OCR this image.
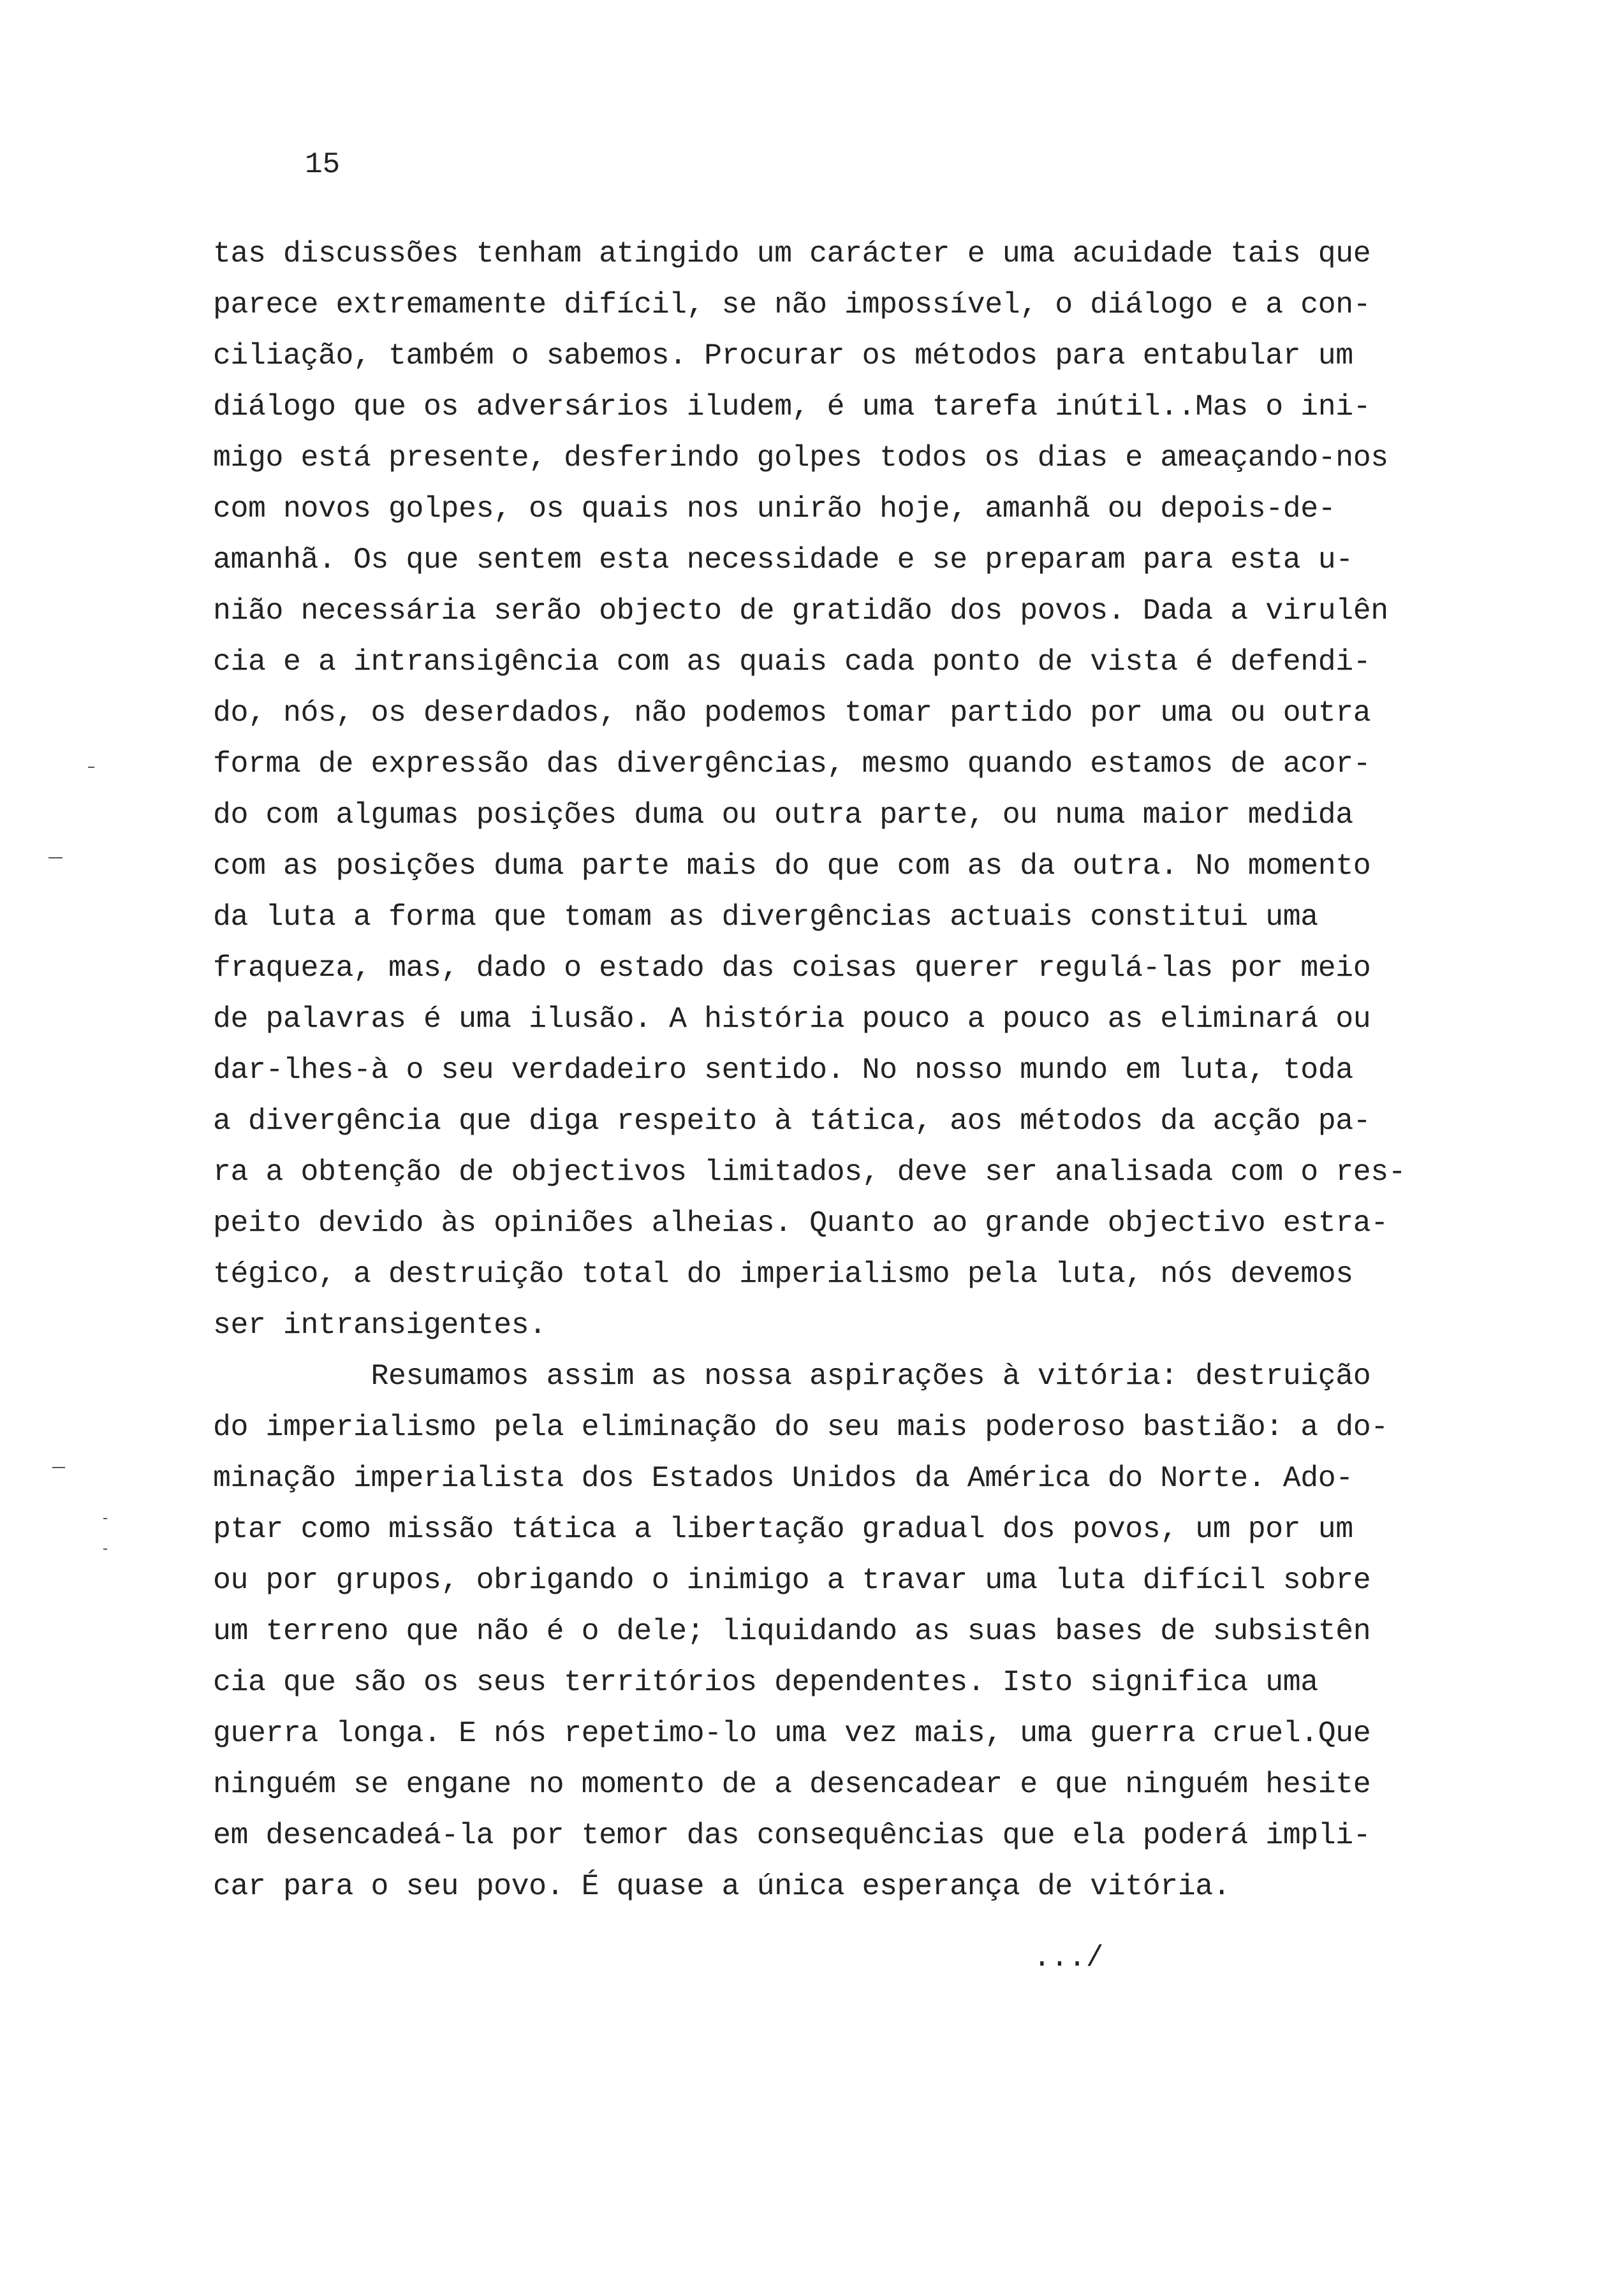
15
tas discussões tenham atingido um carácter e uma acuidade tais que
parece extremamente difícil, se não impossível, o diálogo e a con-
ciliação, também o sabemos. Procurar os métodos para entabular um
diálogo que os adversários iludem, é uma tarefa inútil..Mas o ini-
migo está presente, desferindo golpes todos os dias e ameaçando-nos
com novos golpes, os quais nos unirão hoje, amanhã ou depois-de-
amanhã. Os que sentem esta necessidade e se preparam para esta u-
nião necessária serão objecto de gratidão dos povos. Dada a virulên
cia e a intransigência com as quais cada ponto de vista é defendi-
do, nós, os deserdados, não podemos tomar partido por uma ou outra
forma de expressão das divergências, mesmo quando estamos de acor-
do com algumas posições duma ou outra parte, ou numa maior medida
com as posições duma parte mais do que com as da outra. No momento
da luta a forma que tomam as divergências actuais constitui uma
fraqueza, mas, dado o estado das coisas querer regulá-las por meio
de palavras é uma ilusão. A história pouco a pouco as eliminará ou
dar-lhes-à o seu verdadeiro sentido. No nosso mundo em luta, toda
a divergência que diga respeito à tática, aos métodos da acção pa-
ra a obtenção de objectivos limitados, deve ser analisada com o res-
peito devido às opiniões alheias. Quanto ao grande objectivo estra-
tégico, a destruição total do imperialismo pela luta, nós devemos
ser intransigentes.
Resumamos assim as nossa aspirações à vitória: destruição
do imperialismo pela eliminação do seu mais poderoso bastião: a do-
minação imperialista dos Estados Unidos da América do Norte. Ado-
ptar como missão tática a libertação gradual dos povos, um por um
ou por grupos, obrigando o inimigo a travar uma luta difícil sobre
um terreno que não é o dele; liquidando as suas bases de subsistên
cia que são os seus territórios dependentes. Isto significa uma
guerra longa. E nós repetimo-lo uma vez mais, uma guerra cruel.Que
ninguém se engane no momento de a desencadear e que ninguém hesite
em desencadeá-la por temor das consequências que ela poderá impli-
car para o seu povo. É quase a única esperança de vitória.
.../
